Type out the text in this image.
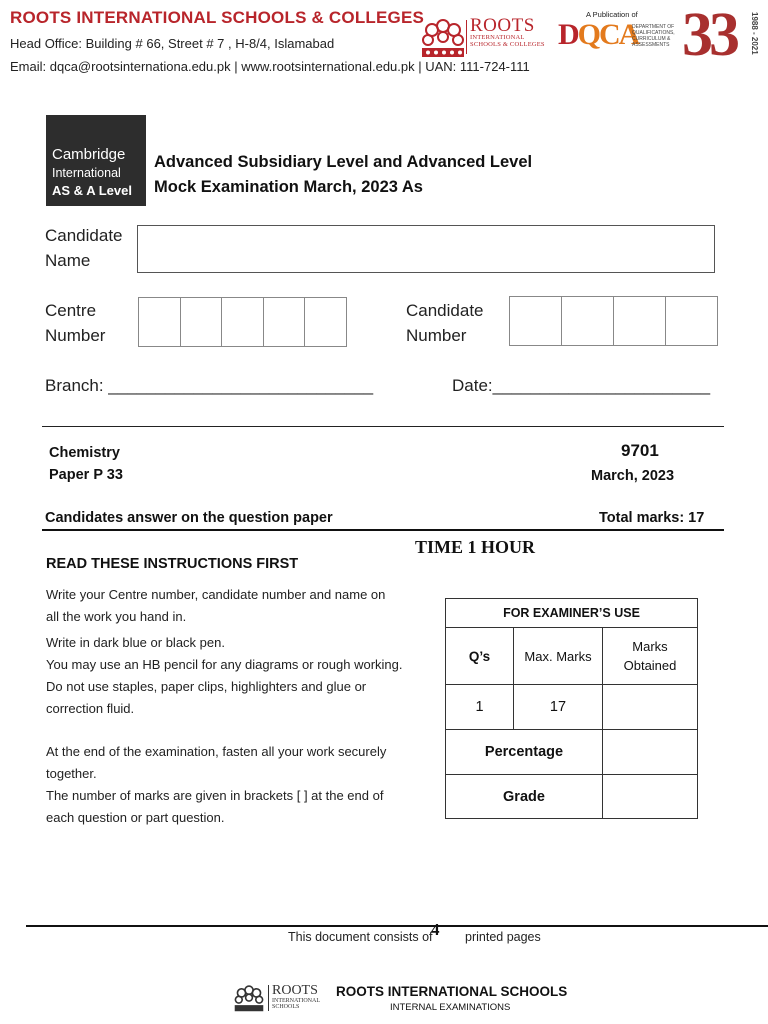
ROOTS INTERNATIONAL SCHOOLS & COLLEGES
Head Office: Building # 66, Street # 7 , H-8/4, Islamabad
Email: dqca@rootsinternationa.edu.pk | www.rootsinternational.edu.pk | UAN: 111-724-111
ROOTS
INTERNATIONAL
SCHOOLS & COLLEGES
A Publication of
DQCA
DEPARTMENT OF QUALIFICATIONS, CURRICULUM & ASSESSMENTS 33 1988 - 2021
Cambridge
International
AS & A Level
Advanced Subsidiary Level and Advanced Level
Mock Examination March, 2023 As
Candidate
Name
Centre
Number
Candidate
Number
Branch: ____________________________	Date:_______________________
Chemistry
Paper P 33
9701
March, 2023
Candidates answer on the question paper	Total marks: 17
TIME 1 HOUR
READ THESE INSTRUCTIONS FIRST
Write your Centre number, candidate number and name on
all the work you hand in.
Write in dark blue or black pen.
You may use an HB pencil for any diagrams or rough working.
Do not use staples, paper clips, highlighters and glue or
correction fluid.
At the end of the examination, fasten all your work securely
together.
The number of marks are given in brackets [ ] at the end of
each question or part question.
FOR EXAMINER’S USE		
Q’s	Max. Marks	Marks
Obtained

1	17	
Percentage		
Grade		
This document consists of
4 printed pages
ROOTS
INTERNATIONAL
SCHOOLS
ROOTS INTERNATIONAL SCHOOLS
INTERNAL EXAMINATIONS
